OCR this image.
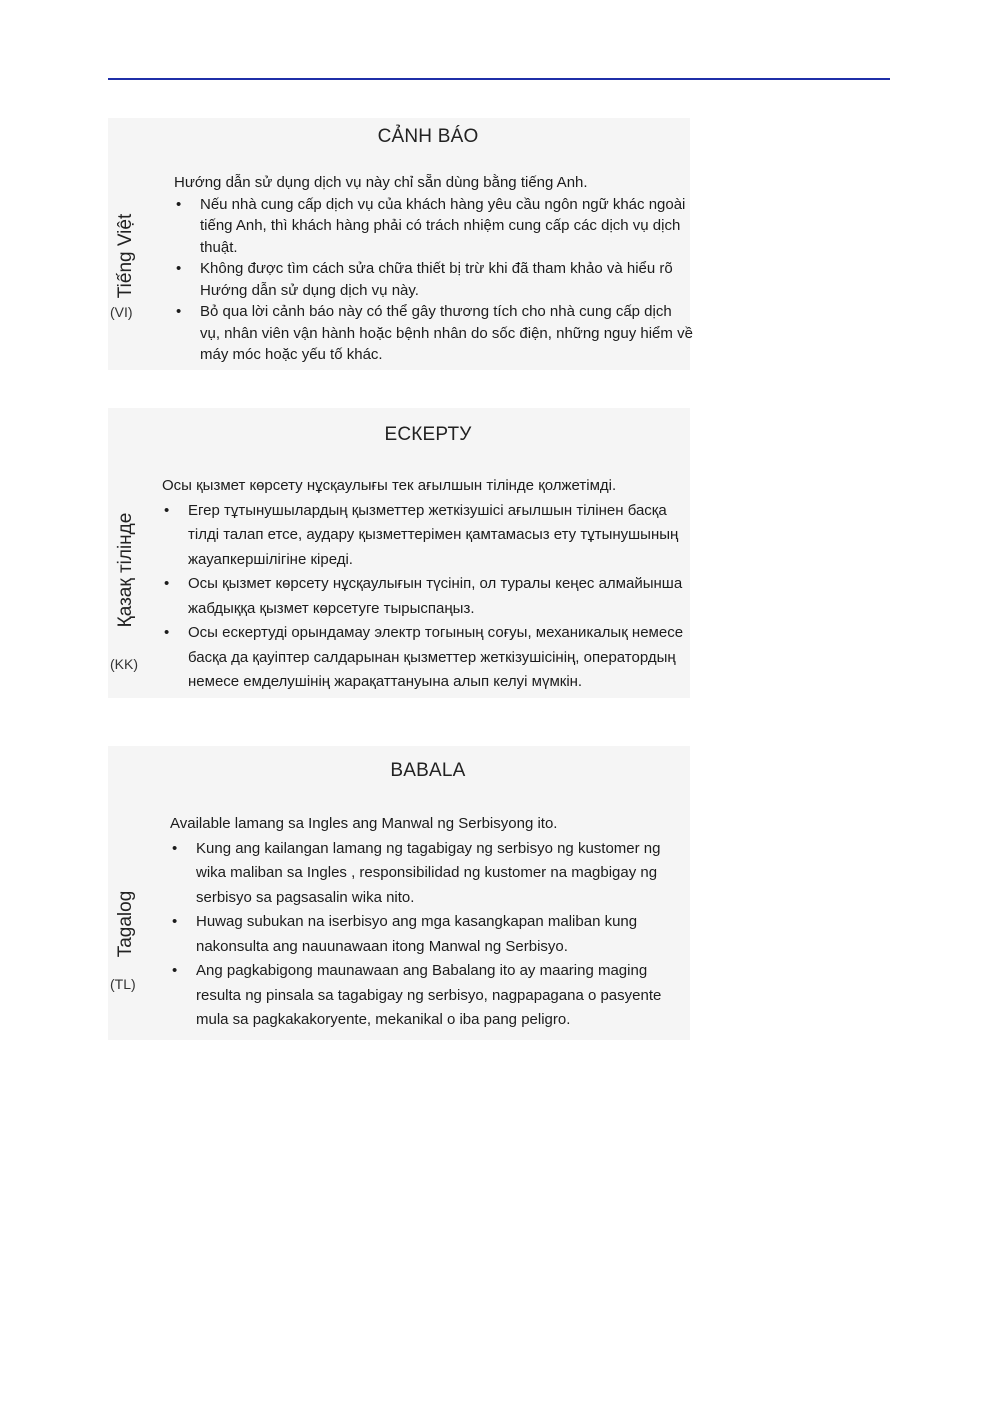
CẢNH BÁO
Tiếng Việt
(VI)
Hướng dẫn sử dụng dịch vụ này chỉ sẵn dùng bằng tiếng Anh.
• Nếu nhà cung cấp dịch vụ của khách hàng yêu cầu ngôn ngữ khác ngoài tiếng Anh, thì khách hàng phải có trách nhiệm cung cấp các dịch vụ dịch thuật.
• Không được tìm cách sửa chữa thiết bị trừ khi đã tham khảo và hiểu rõ Hướng dẫn sử dụng dịch vụ này.
• Bỏ qua lời cảnh báo này có thể gây thương tích cho nhà cung cấp dịch vụ, nhân viên vận hành hoặc bệnh nhân do sốc điện, những nguy hiểm về máy móc hoặc yếu tố khác.
ЕСКЕРТУ
Қазақ тілінде
(KK)
Осы қызмет көрсету нұсқаулығы тек ағылшын тілінде қолжетімді.
• Егер тұтынушылардың қызметтер жеткізушісі ағылшын тілінен басқа тілді талап етсе, аудару қызметтерімен қамтамасыз ету тұтынушының жауапкершілігіне кіреді.
• Осы қызмет көрсету нұсқаулығын түсініп, ол туралы кеңес алмайынша жабдыққа қызмет көрсетуге тырыспаңыз.
• Осы ескертуді орындамау электр тогының соғуы, механикалық немесе басқа да қауіптер салдарынан қызметтер жеткізушісінің, оператордың немесе емделушінің жарақаттануына алып келуі мүмкін.
BABALA
Tagalog
(TL)
Available lamang sa Ingles ang Manwal ng Serbisyong ito.
• Kung ang kailangan lamang ng tagabigay ng serbisyo ng kustomer ng wika maliban sa Ingles , responsibilidad ng kustomer na magbigay ng serbisyo sa pagsasalin wika nito.
• Huwag subukan na iserbisyo ang mga kasangkapan maliban kung nakonsulta ang nauunawaan itong Manwal ng Serbisyo.
• Ang pagkabigong maunawaan ang Babalang ito ay maaring maging resulta ng pinsala sa tagabigay ng serbisyo, nagpapagana o pasyente mula sa pagkakakoryente, mekanikal o iba pang peligro.
